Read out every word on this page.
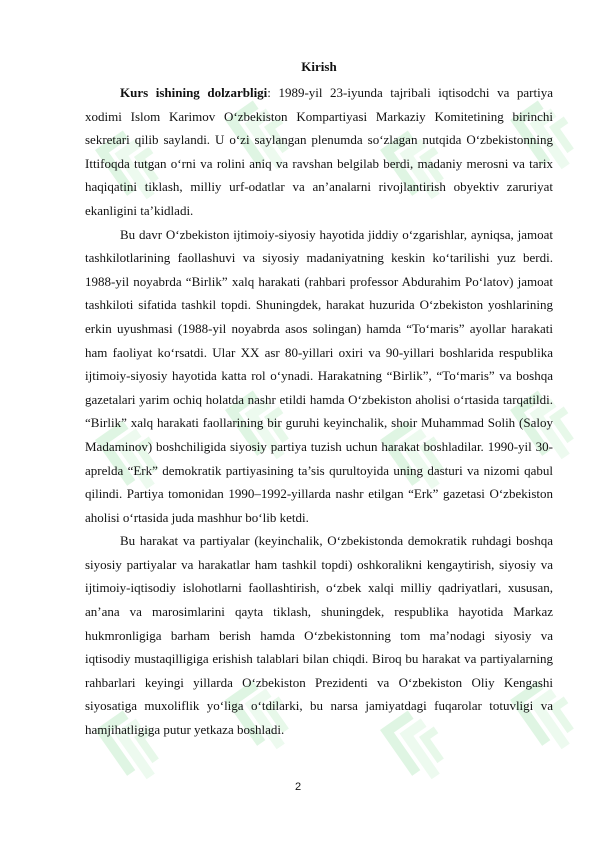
Kirish

Kurs ishining dolzarbligi: 1989-yil 23-iyunda tajribali iqtisodchi va partiya xodimi Islom Karimov O‘zbekiston Kompartiyasi Markaziy Komitetining birinchi sekretari qilib saylandi. U o‘zi saylangan plenumda so‘zlagan nutqida O‘zbekistonning Ittifoqda tutgan o‘rni va rolini aniq va ravshan belgilab berdi, madaniy merosni va tarix haqiqatini tiklash, milliy urf-odatlar va an’analarni rivojlantirish obyektiv zaruriyat ekanligini ta’kidladi.

Bu davr O‘zbekiston ijtimoiy-siyosiy hayotida jiddiy o‘zgarishlar, ayniqsa, jamoat tashkilotlarining faollashuvi va siyosiy madaniyatning keskin ko‘tarilishi yuz berdi. 1988-yil noyabrda “Birlik” xalq harakati (rahbari professor Abdurahim Po‘latov) jamoat tashkiloti sifatida tashkil topdi. Shuningdek, harakat huzurida O‘zbekiston yoshlarining erkin uyushmasi (1988-yil noyabrda asos solingan) hamda “To‘maris” ayollar harakati ham faoliyat ko‘rsatdi. Ular XX asr 80-yillari oxiri va 90-yillari boshlarida respublika ijtimoiy-siyosiy hayotida katta rol o‘ynadi. Harakatning “Birlik”, “To‘maris” va boshqa gazetalari yarim ochiq holatda nashr etildi hamda O‘zbekiston aholisi o‘rtasida tarqatildi. “Birlik” xalq harakati faollarining bir guruhi keyinchalik, shoir Muhammad Solih (Saloy Madaminov) boshchiligida siyosiy partiya tuzish uchun harakat boshladilar. 1990-yil 30-aprelda “Erk” demokratik partiyasining ta’sis qurultoyida uning dasturi va nizomi qabul qilindi. Partiya tomonidan 1990–1992-yillarda nashr etilgan “Erk” gazetasi O‘zbekiston aholisi o‘rtasida juda mashhur bo‘lib ketdi.

Bu harakat va partiyalar (keyinchalik, O‘zbekistonda demokratik ruhdagi boshqa siyosiy partiyalar va harakatlar ham tashkil topdi) oshkoralikni kengaytirish, siyosiy va ijtimoiy-iqtisodiy islohotlarni faollashtirish, o‘zbek xalqi milliy qadriyatlari, xususan, an’ana va marosimlarini qayta tiklash, shuningdek, respublika hayotida Markaz hukmronligiga barham berish hamda O‘zbekistonning tom ma’nodagi siyosiy va iqtisodiy mustaqilligiga erishish talablari bilan chiqdi. Biroq bu harakat va partiyalarning rahbarlari keyingi yillarda O‘zbekiston Prezidenti va O‘zbekiston Oliy Kengashi siyosatiga muxoliflik yo‘liga o‘tdilarki, bu narsa jamiyatdagi fuqarolar totuvligi va hamjihatligiga putur yetkaza boshladi.

2
